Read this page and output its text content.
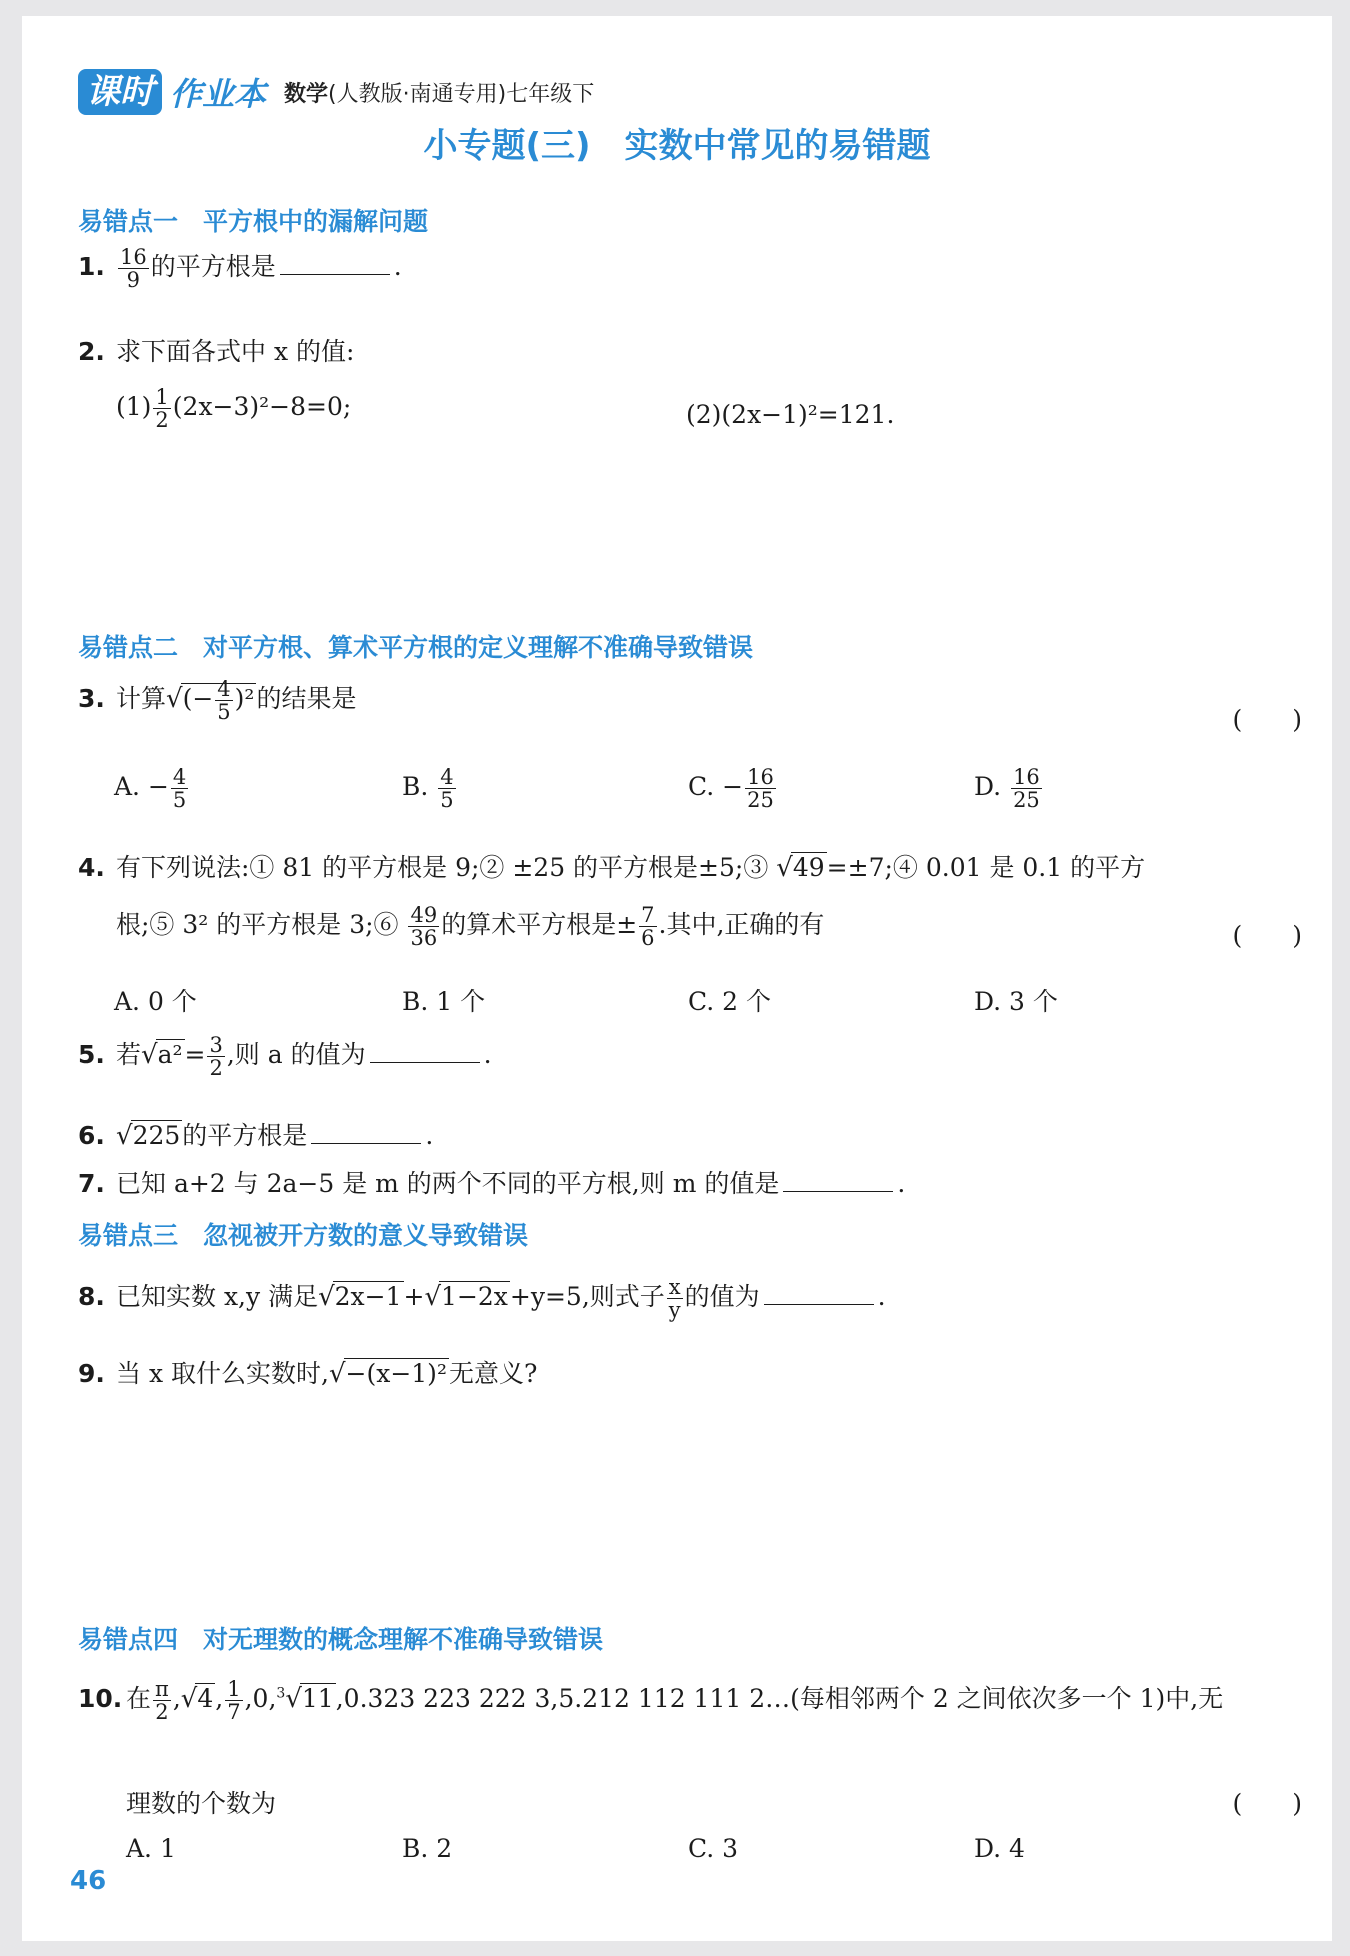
课时 作业本 数学(人教版·南通专用)七年级下
小专题(三)　实数中常见的易错题
易错点一　平方根中的漏解问题
1. $\frac{16}{9}$ 的平方根是	.
2. 求下面各式中 x 的值:
$(1) \frac{1}{2} (2x-3)^2-8=0$;	(2)(2x−1)²=121.
易错点二　对平方根、算术平方根的定义理解不准确导致错误
3. 计算√(− $\frac{4}{5} )^2$的结果是
(　　)
A. − $\frac{4}{5}$	B. $\frac{4}{5}$	C. − $\frac{16}{25}$	D. $\frac{16}{25}$
4. 有下列说法:① 81 的平方根是 9;② ±25 的平方根是±5;③ √49=±7;④ 0.01 是 0.1 的平方
根;⑤ 3² 的平方根是 3;⑥ $\frac{49}{36}$ 的算术平方根是± $\frac{7}{6}$ .其中,正确的有	(　　)
A. 0 个	B. 1 个	C. 2 个	D. 3 个
5. 若$√a^2= \frac{3}{2}$ ,则 a 的值为	.
6. √225的平方根是	.
7. 已知 a+2 与 2a−5 是 m 的两个不同的平方根,则 m 的值是	.
易错点三　忽视被开方数的意义导致错误
8. 已知实数 x,y 满足√2x−1+√1−2x+y=5,则式子 $\frac{x}{y}$ 的值为	.
9. 当 x 取什么实数时,√−(x−1)²无意义?
易错点四　对无理数的概念理解不准确导致错误
10. 在 $\frac{\pi}{2} ,√4$, $\frac{1}{7} ,0,^3√11,0.323$ 223 222 3,5.212 112 111 2…(每相邻两个 2 之间依次多一个 1)中,无
理数的个数为	(　　)
A. 1	B. 2	C. 3	D. 4
46
